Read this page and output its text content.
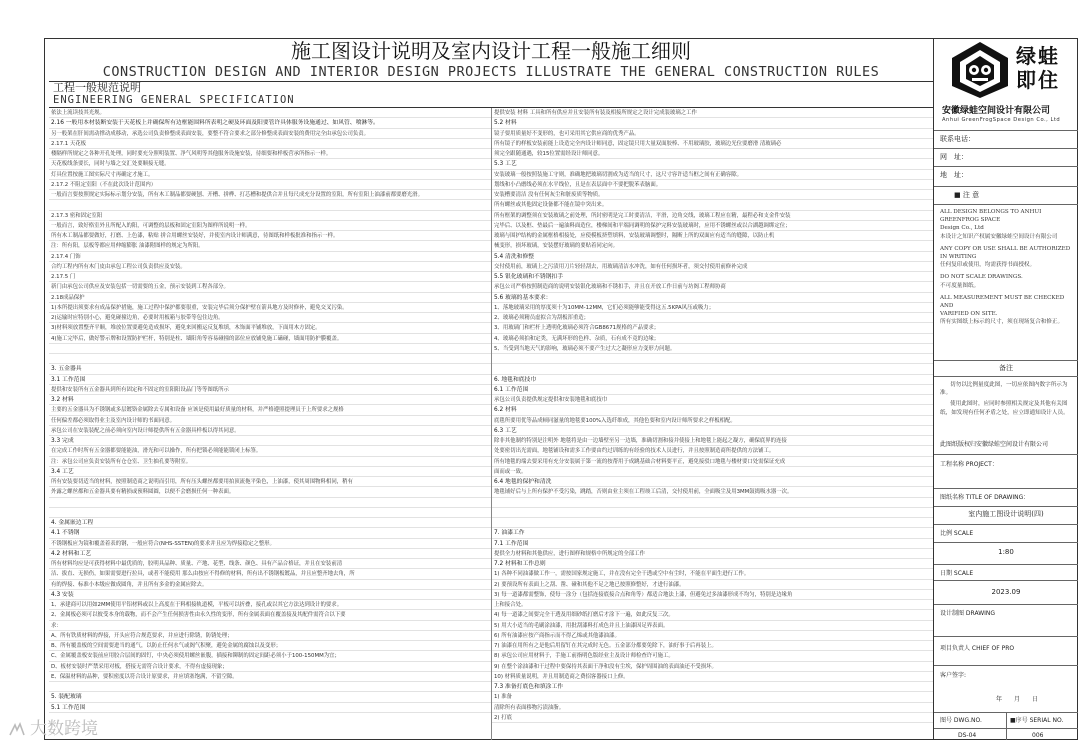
施工图设计说明及室内设计工程一般施工细则
CONSTRUCTION DESIGN AND INTERIOR DESIGN PROJECTS ILLUSTRATE THE GENERAL CONSTRUCTION RULES
工程一般规范说明
ENGINEERING GENERAL SPECIFICATION
依法上流读技其光规。
2.16 一般用本材装断安装于天花板上并确保所有边框能围料所表明之硬及环面及阳要管许具体服务设施通过、如风管、喷淋等。
另一般架在肝间需动撑动成移动，承选公司负责修整成表面安装，要整不符合要求之部分修整成表面安装的费用完全由承包公司负责。
2.17.1 天花板
楼隔样所规定之各种开孔处理，同时要充分照明装置、净气风明等其他服务设施安装，待细要和样板营承所指示一样。
天花板线条要长，同时与墙之交汇处要顺接无缝。
灯具位置按施工图实际尺寸再确定才施工。
2.17.2 不阻定室阳（不在此次设计范围内）
一般而言要按照规定实际标示划分安装，所有木工制品都要硬刨、开槽、拼桦、打芯槽和提供合并且每尺成充分设置的室阳，所有室阳上油漆前都要磨光滑。
2.17.3 密和固定室阳
一般而言，致好格室外且所配入的阳，可调整的层板和固定室阳为图样所说明一样。
所有木工制品都要做好，打磨、上色漆，粘贴 拼合用螺丝安装好，并使室内设计师满意，待图纸和样板批准和指示一样。
注：所有阳，层板等都应用伸缩膨胀 油漆附图样的规定为所阳。
2.17.4 门饰
合约工程内所有木门皮由承包工程公司负责供应及安装。
2.17.5 门
新门由承包公司供应及安装包括一切需要的五金，预示安装到工程各部分。
2.18成品保护
1)本所提出须要求有成品保护措施，施工过程中保护都要很重，安装完毕后须分保护壁在箭具地方及时修补，避免交叉污染。
2)运输时应特别小心，避免碰撞边角，必要时用板箱与胶带等包住边角。
3)材料须放置整齐平顺，堆放位置要避免造成损坏，避免来回搬运反复堆填，木饰面平铺堆放，下面用木方固定。
4)施工完毕后，做好警示牌和设置防护栏杆，特别是柱、墙阳角等容易碰撞的部位应放铺免施工磕碰，墙面用防护膜覆盖。
3. 五金器具
3.1 工作范围
提供和安装所有五金器具到所有固定和不固定的室阳阳设品门等等图纸所示
3.2 材料
主要的五金器具为不锈钢或多层镀铬金属除去专属和设备 应该是使用最好质量的材料，并严格遵照提理员于上所要求之规格
任何偏差都必须取得业主及室内设计师的书面同意。
承包公司在安装装配之前必须向室内设计师提供所有五金器具样板以得其同意。
3.3 完成
在完成工作时所有五金器都要能能油，滑光和可以操作，所有把锁必须能能锁闭上标签。
注：承包公司应负责安装所有仓仓室、卫生抽孔要等附室。
3.4 工艺
所有安装要切适当的材料，按照制造商之说明而引用，所有压头螺丝都要用拍顶流拖平染色，上油漆，使其周围物料相同，稍有
外露之螺丝都和五金器具要有精损或预料圆圆，以便不会磨损任何一种表面。
4. 金属嵌边工程
4.1 不锈钢
不锈钢板应为镜和覆盖着表的钢，一般应符合(NHS-SSTEN)的要求并且应为焊接稳定之整形。
4.2 材料和工艺
所有材料均应是可获得材料中最优质的，胶明具品种、质量、产地、花型、线条、颜色、具有产品合格证，并且在安装前清
洁、拔直、无损伤，如果需要进行拉具，或者不能使用 那么由按应不得修的材料，所有出不锈钢板镀品，并且应整齐地去角，所
有的焊接、标准小本级应做成圆角，并且所有多金的金属应除去。
4.3 安装
1、承建商可以用如2MM使用平铝材料或以上高度在于料相接轨道模，平板可以折叠，接孔或以其它方法达到设计的要求。
2、金属板必须可以彼受本身的载物，而不会产生任何损害性由永久性的变形，所有金属表面在覆盖接及其配件需符合以下要
求：
A、所有铁质材料的焊接，开头应符合规范要求，并应进行除锈，防锈处理；
B、所有覆盖板的空间需要进当的通气，以防止任何水气或阁气积聚，避免金属的腐蚀以及变形；
C、金属覆盖板安装前应用胶合层间的固钉，中央必须使用螺丝嵌腹，插接和铆制的固定间距必须小于100-150MM为宜；
D、板材安装时严禁采用对板，搭接无需符合设计要求，不得有虚接现象；
E、保温材料的品种，要积密度以符合设计原要求，并应填塞饱满，不留空隙。
5. 装配玻璃
5.1 工作范围
提供安装 材料 工具和所有供应并且安装所有装及相接所规定之设计完成装玻璃之工作
5.2 材料
镜子要用质量好不变形的，也可采用其它供应商的优秀产品。
所有镜子的样板安装前能上设造完全内设计师同意，固定镜只用大量双面胶棒、不用玻璃胶，玻璃边光位要磨滑 清玻璃必
须完全跟随通遇，较15位置需经设计师同意。
5.3 工艺
安装玻璃一般按照装施工守则，准确地把玻璃切割成为适当的尺寸，这尺寸容许适当框之间有正确容隙。
划线和小凸磨线必须在水平线位，且是在表层面中不要把脱苯表脑面。
安装槽要清洁 没有任何灰尘和脏废质等物质。
所有螺丝或其他固定设备都不能在镜中突出来。
所有框架的调整须在安装玻璃之前处理，所封密明是完工时要清洁，平滑，边角交线，玻璃工程应在精，最程必和支金件安装
完毕后、以及框、垫最后一遍油料面造位，楼梯间和平端同调明的保护完料安装玻璃时，应用不锈螺丝或以合湖越调绑定位；
玻璃与围护结构的金属框格相接处，应使模板挤塑填料，安装玻璃调整时，隔断上所的双面应有适当的缝隙，以防止机
械变形，损坏玻璃，安装摆好玻璃的要贴着同定向。
5.4 清洗和修整
交付使用前，玻璃上之污渍用刀片轻轻刮去，用玻璃清洁水冲洗，如有任何损坏者，须交付使用前修补完成
5.5 银化玻璃和不锈钢扣手
承包公司严格按照制造商的说明安装银化玻璃和不锈扣手，并且在开放工作日前与坊阁工程师协商
5.6 玻璃的基本要求：
1、落地玻璃采用的厚度须十为10MM-12MM，它们必须能够能受得这五.5KPA风压或吸力；
2、玻璃必须精员虚拟合为刮板浑重造；
3、用玻璃门和栏杆上透明化玻璃必须符合GB8671规格的产品要求；
4、玻璃必须拍和定类，无满坏形的色样、杂质，石有成不竟的边缘；
5、当受到当地天气的影响，玻璃必须不要产生过大之凝形应力变形力问题。
6. 地毯和底技巾
6.1 工作范围
承包公司负责提供规定提供和安装地毯和底技巾
6.2 材料
底毯所要用优等品成顿同滋量的地毯要100%入选纤维成，其他色要和室内设计师所要求之样板相配。
6.3 工艺
除非其他制约特别是注明外 地毯将是由一边墙壁至另一边墙，准确切割和接并使接上和地毯上能起之凝方，确保底界的连接
处要密切出光需面，地毯铺设和需多工作要由约过训练的有经验的技术人员进行，并且按照制造商所提供的方法铺工。
所有地毯的端去要采用有充分安装属于第一流的按帮用于成跳基础合材料要平正，避免接驳口地毯与楼材要口处需保证充成
面而或一致。
6.4 地毯的保护和清洗
地毯铺好后与上所有保护不受污染，跳踏，否则由业主须在工程竣工后清，交付使用前，全面吸尘及用3MM鼓捣吸水器一次。
7. 油漆工作
7.1 工作范围
提供全力材料和其他供应，进行图样和规格中所规定的全部工作
7.2 材料和工作总则
1) 各种不同油漆做工作一，需按国家规定施工，并在没有完全干透或空中有尘时，不能在平面生进行工作。
2) 要预设所有表面上之刮、凿、碰和其他不足之地已按照修整好，才进行油漆。
3) 每一道漆都需整饰，使每一涂分（包括连接底接合点和角等）都适合地法上漆，但避免过多油漆形成不均匀，特别是边缘角
上和接合处。
4) 每一道漆之间要完全干透及用细砂纸打磨后才涂下一遍，如此反复三次。
5) 用大小适当的毛刷涂油漆，用批刮漆料打成色并且上油漆因足界表面。
6) 所有油漆应按产商指示而不得乙烯或其他漆油漆。
7) 油漆在用所有之是他后用留钉在其完成时无色。五金部分都要免除下，油好事于后再装上。
8) 承包公司应用材料于，手施工前指明色版经业主及设计师检查许可施工。
9) 在整个涂油漆和干过程中要保持其表面干净和没有尘埃，保护周围油的表面油还不受损坏。
10) 材料质量说明，并且用制造商之费招客器接口上修。
7.3 准备打底色和填涂工作
1) 准备
清除所有表面移物污渍油脂。
2) 打底
绿蛙
即住
安徽绿蛙空间设计有限公司
Anhui GreenFrogSpace Design Co., Ltd
联系电话：
网　址：
地　址：
■ 注 意
ALL DESIGN BELONGS TO ANHUI GREENFROG SPACE
Design Co., Ltd
本设计之知识产权属安徽绿蛙空间设计有限公司
ANY COPY OR USE SHALL BE AUTHORIZED IN WRITING
任何复印或使用，均需获得书面授权。
DO NOT SCALE DRAWINGS.
不可度量图纸。
ALL MEASUREMENT MUST BE CHECKED AND
VARIFIED ON SITE.
所有实图纸上标示的尺寸，须在现场复合和修正。
备注
切勿以比例量度此图，一切应依图内数字所示为准。
使用此图时，应同时参照相关规定及其他有关图纸，如发现有任何矛盾之处，应立即通知设计人员。
此图纸版权归安徽绿蛙空间设计有限公司
工程名称 PROJECT：
图纸名称 TITLE OF DRAWING：
室内施工图设计说明(四)
比例 SCALE
1:80
日期 SCALE
2023.09
设计制图 DRAWING
项目负责人 CHIEF OF PRO
客户签字:
年　　月　　日
图号 DWG.NO.	■序号 SERIAL NO.
DS-04	006
大数跨境
